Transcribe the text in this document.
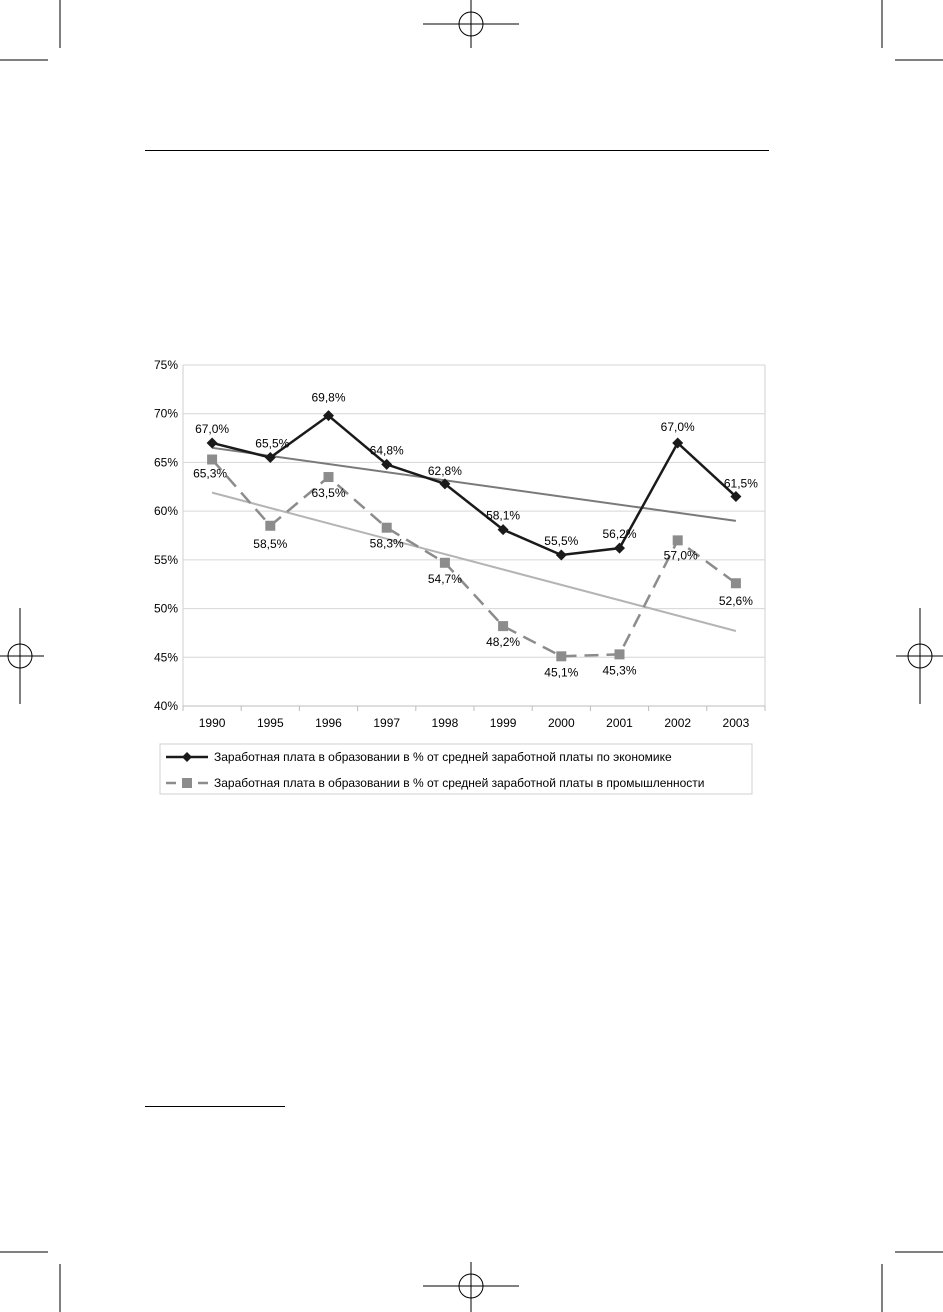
40%
45%
50%
55%
60%
65%
70%
75%
1990	1995	1996	1997	1998	1999	2000	2001	2002	2003
67,0%
65,5%
69,8%
64,8%
62,8%
58,1%
55,5% 56,2%
67,0%
61,5%
65,3%
58,5%
63,5%
58,3%
54,7%
48,2%
45,1% 45,3%
57,0%
52,6%
Заработная плата в образовании в % от средней заработной платы по экономике
Заработная плата в образовании в % от средней заработной платы в промышленности
